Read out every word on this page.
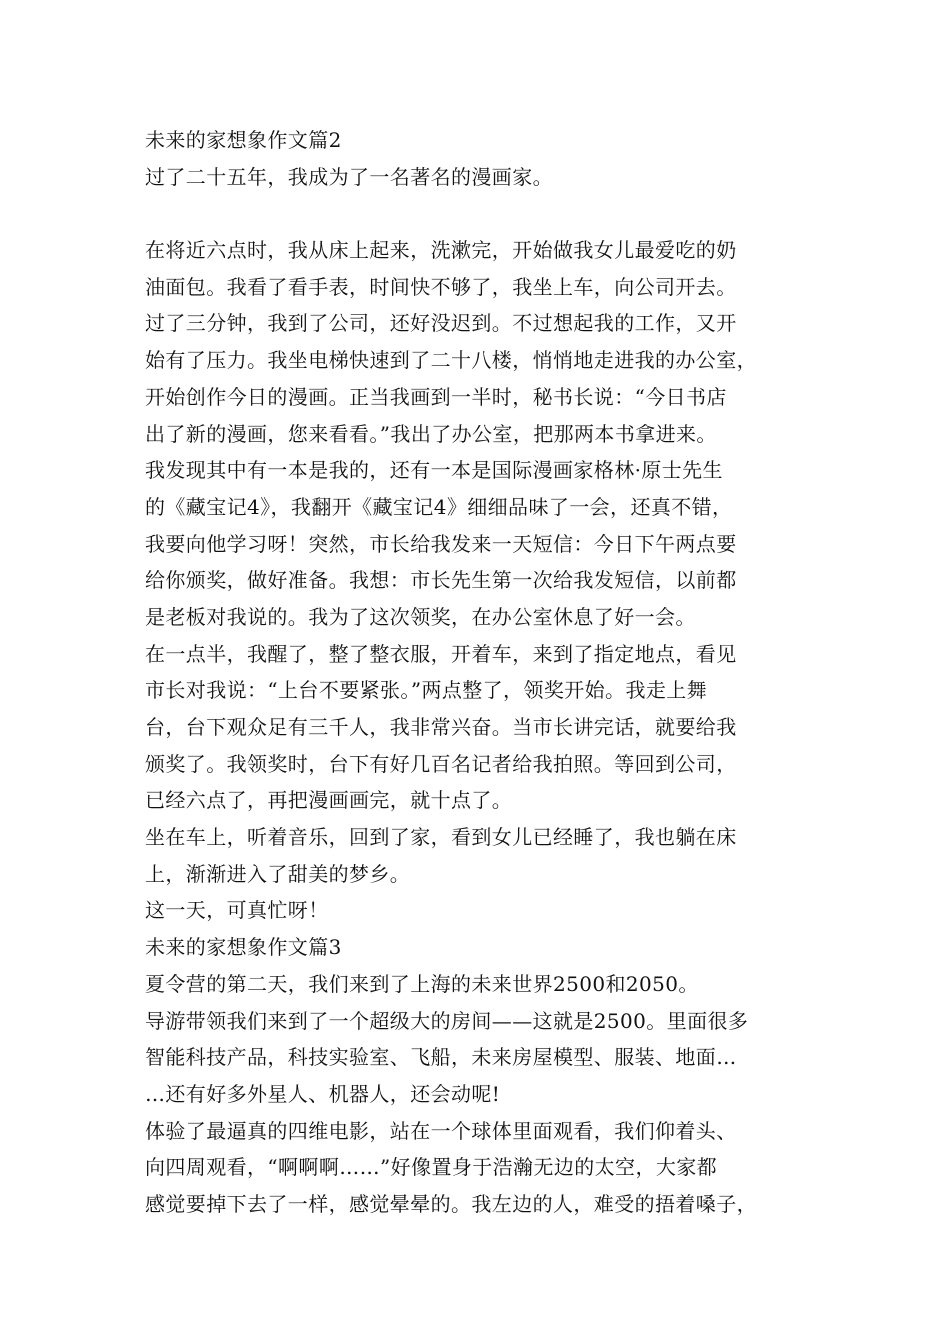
未来的家想象作文篇2
过了二十五年，我成为了一名著名的漫画家。
在将近六点时，我从床上起来，洗漱完，开始做我女儿最爱吃的奶
油面包。我看了看手表，时间快不够了，我坐上车，向公司开去。
过了三分钟，我到了公司，还好没迟到。不过想起我的工作，又开
始有了压力。我坐电梯快速到了二十八楼，悄悄地走进我的办公室，
开始创作今日的漫画。正当我画到一半时，秘书长说：“今日书店
出了新的漫画，您来看看。”我出了办公室，把那两本书拿进来。
我发现其中有一本是我的，还有一本是国际漫画家格林·原士先生
的《藏宝记4》，我翻开《藏宝记4》细细品味了一会，还真不错，
我要向他学习呀！突然，市长给我发来一天短信：今日下午两点要
给你颁奖，做好准备。我想：市长先生第一次给我发短信，以前都
是老板对我说的。我为了这次领奖，在办公室休息了好一会。
在一点半，我醒了，整了整衣服，开着车，来到了指定地点，看见
市长对我说：“上台不要紧张。”两点整了，领奖开始。我走上舞
台，台下观众足有三千人，我非常兴奋。当市长讲完话，就要给我
颁奖了。我领奖时，台下有好几百名记者给我拍照。等回到公司，
已经六点了，再把漫画画完，就十点了。
坐在车上，听着音乐，回到了家，看到女儿已经睡了，我也躺在床
上，渐渐进入了甜美的梦乡。
这一天，可真忙呀！
未来的家想象作文篇3
夏令营的第二天，我们来到了上海的未来世界2500和2050。
导游带领我们来到了一个超级大的房间——这就是2500。里面很多
智能科技产品，科技实验室、飞船，未来房屋模型、服装、地面…
…还有好多外星人、机器人，还会动呢!
体验了最逼真的四维电影，站在一个球体里面观看，我们仰着头、
向四周观看，“啊啊啊……”好像置身于浩瀚无边的太空，大家都
感觉要掉下去了一样，感觉晕晕的。我左边的人，难受的捂着嗓子，
